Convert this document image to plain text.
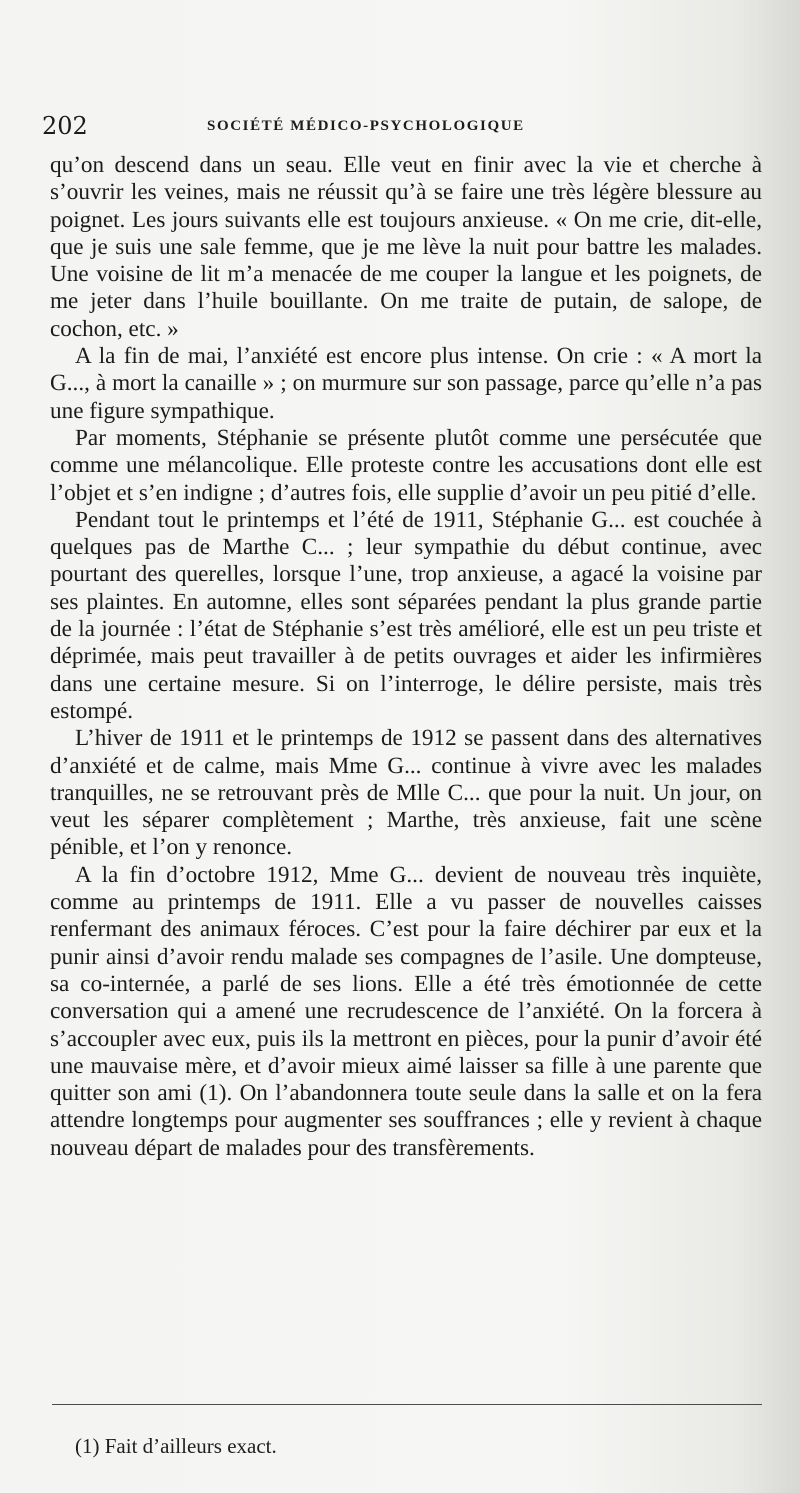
202	SOCIÉTÉ MÉDICO-PSYCHOLOGIQUE

qu’on descend dans un seau. Elle veut en finir avec la vie et cherche à s’ouvrir les veines, mais ne réussit qu’à se faire une très légère blessure au poignet. Les jours suivants elle est toujours anxieuse. « On me crie, dit-elle, que je suis une sale femme, que je me lève la nuit pour battre les malades. Une voisine de lit m’a menacée de me couper la langue et les poignets, de me jeter dans l’huile bouillante. On me traite de putain, de salope, de cochon, etc. »

A la fin de mai, l’anxiété est encore plus intense. On crie : « A mort la G..., à mort la canaille » ; on murmure sur son passage, parce qu’elle n’a pas une figure sympathique.

Par moments, Stéphanie se présente plutôt comme une persécutée que comme une mélancolique. Elle proteste contre les accusations dont elle est l’objet et s’en indigne ; d’autres fois, elle supplie d’avoir un peu pitié d’elle.

Pendant tout le printemps et l’été de 1911, Stéphanie G... est couchée à quelques pas de Marthe C... ; leur sympathie du début continue, avec pourtant des querelles, lorsque l’une, trop anxieuse, a agacé la voisine par ses plaintes. En automne, elles sont séparées pendant la plus grande partie de la journée : l’état de Stéphanie s’est très amélioré, elle est un peu triste et déprimée, mais peut travailler à de petits ouvrages et aider les infirmières dans une certaine mesure. Si on l’interroge, le délire persiste, mais très estompé.

L’hiver de 1911 et le printemps de 1912 se passent dans des alternatives d’anxiété et de calme, mais Mme G... continue à vivre avec les malades tranquilles, ne se retrouvant près de Mlle C... que pour la nuit. Un jour, on veut les séparer complètement ; Marthe, très anxieuse, fait une scène pénible, et l’on y renonce.

A la fin d’octobre 1912, Mme G... devient de nouveau très inquiète, comme au printemps de 1911. Elle a vu passer de nouvelles caisses renfermant des animaux féroces. C’est pour la faire déchirer par eux et la punir ainsi d’avoir rendu malade ses compagnes de l’asile. Une dompteuse, sa co-internée, a parlé de ses lions. Elle a été très émotionnée de cette conversation qui a amené une recrudescence de l’anxiété. On la forcera à s’accoupler avec eux, puis ils la mettront en pièces, pour la punir d’avoir été une mauvaise mère, et d’avoir mieux aimé laisser sa fille à une parente que quitter son ami (1). On l’abandonnera toute seule dans la salle et on la fera attendre longtemps pour augmenter ses souffrances ; elle y revient à chaque nouveau départ de malades pour des transfèrements.

(1) Fait d’ailleurs exact.
